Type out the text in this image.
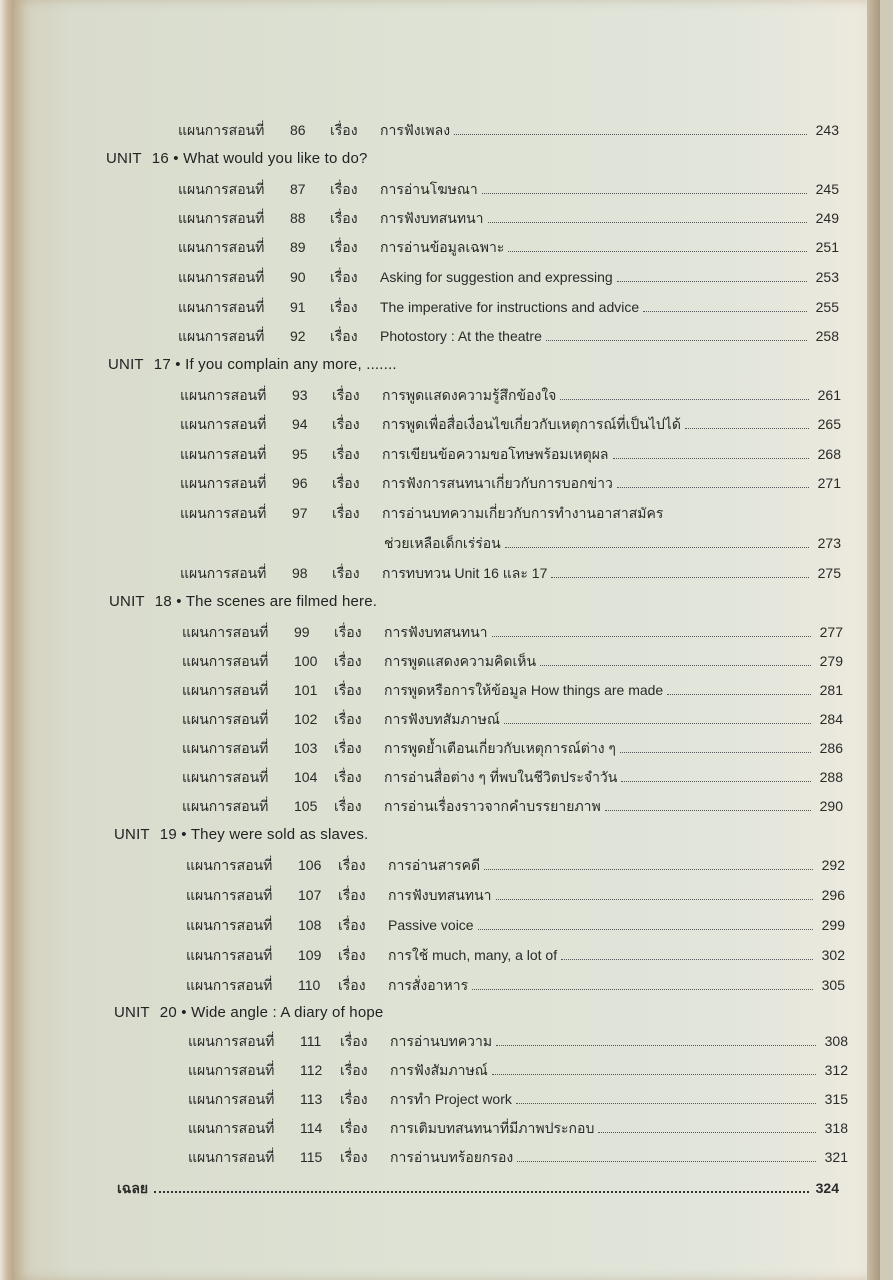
แผนการสอนที่	86	เรื่อง	การฟังเพลง	243
UNIT 16 • What would you like to do?
แผนการสอนที่	87	เรื่อง	การอ่านโฆษณา	245
แผนการสอนที่	88	เรื่อง	การฟังบทสนทนา	249
แผนการสอนที่	89	เรื่อง	การอ่านข้อมูลเฉพาะ	251
แผนการสอนที่	90	เรื่อง	Asking for suggestion and expressing	253
แผนการสอนที่	91	เรื่อง	The imperative for instructions and advice	255
แผนการสอนที่	92	เรื่อง	Photostory : At the theatre	258
UNIT 17 • If you complain any more, .......
แผนการสอนที่	93	เรื่อง	การพูดแสดงความรู้สึกข้องใจ	261
แผนการสอนที่	94	เรื่อง	การพูดเพื่อสื่อเงื่อนไขเกี่ยวกับเหตุการณ์ที่เป็นไปได้	265
แผนการสอนที่	95	เรื่อง	การเขียนข้อความขอโทษพร้อมเหตุผล	268
แผนการสอนที่	96	เรื่อง	การฟังการสนทนาเกี่ยวกับการบอกข่าว	271
แผนการสอนที่	97	เรื่อง	การอ่านบทความเกี่ยวกับการทำงานอาสาสมัคร
ช่วยเหลือเด็กเร่ร่อน	273
แผนการสอนที่	98	เรื่อง	การทบทวน Unit 16 และ 17	275
UNIT 18 • The scenes are filmed here.
แผนการสอนที่	99	เรื่อง	การฟังบทสนทนา	277
แผนการสอนที่	100	เรื่อง	การพูดแสดงความคิดเห็น	279
แผนการสอนที่	101	เรื่อง	การพูดหรือการให้ข้อมูล How things are made	281
แผนการสอนที่	102	เรื่อง	การฟังบทสัมภาษณ์	284
แผนการสอนที่	103	เรื่อง	การพูดย้ำเตือนเกี่ยวกับเหตุการณ์ต่าง ๆ	286
แผนการสอนที่	104	เรื่อง	การอ่านสื่อต่าง ๆ ที่พบในชีวิตประจำวัน	288
แผนการสอนที่	105	เรื่อง	การอ่านเรื่องราวจากคำบรรยายภาพ	290
UNIT 19 • They were sold as slaves.
แผนการสอนที่	106	เรื่อง	การอ่านสารคดี	292
แผนการสอนที่	107	เรื่อง	การฟังบทสนทนา	296
แผนการสอนที่	108	เรื่อง	Passive voice	299
แผนการสอนที่	109	เรื่อง	การใช้ much, many, a lot of	302
แผนการสอนที่	110	เรื่อง	การสั่งอาหาร	305
UNIT 20 • Wide angle : A diary of hope
แผนการสอนที่	111	เรื่อง	การอ่านบทความ	308
แผนการสอนที่	112	เรื่อง	การฟังสัมภาษณ์	312
แผนการสอนที่	113	เรื่อง	การทำ Project work	315
แผนการสอนที่	114	เรื่อง	การเติมบทสนทนาที่มีภาพประกอบ	318
แผนการสอนที่	115	เรื่อง	การอ่านบทร้อยกรอง	321
เฉลย	324
